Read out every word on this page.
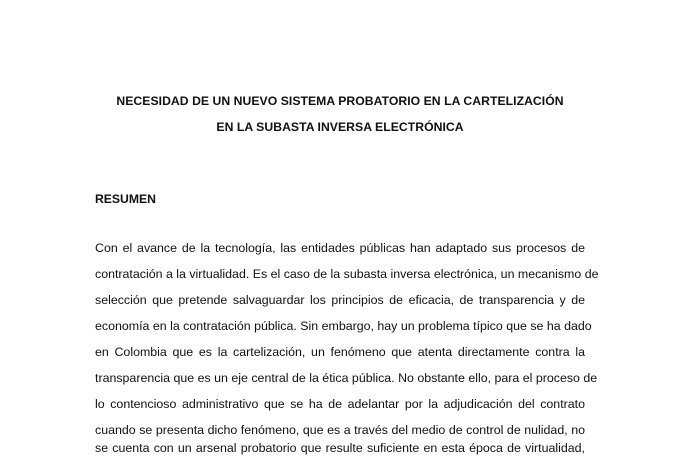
NECESIDAD DE UN NUEVO SISTEMA PROBATORIO EN LA CARTELIZACIÓN
EN LA SUBASTA INVERSA ELECTRÓNICA
RESUMEN
Con el avance de la tecnología, las entidades públicas han adaptado sus procesos de
contratación a la virtualidad. Es el caso de la subasta inversa electrónica, un mecanismo de
selección que pretende salvaguardar los principios de eficacia, de transparencia y de
economía en la contratación pública. Sin embargo, hay un problema típico que se ha dado
en Colombia que es la cartelización, un fenómeno que atenta directamente contra la
transparencia que es un eje central de la ética pública. No obstante ello, para el proceso de
lo contencioso administrativo que se ha de adelantar por la adjudicación del contrato
cuando se presenta dicho fenómeno, que es a través del medio de control de nulidad, no
se cuenta con un arsenal probatorio que resulte suficiente en esta época de virtualidad,
